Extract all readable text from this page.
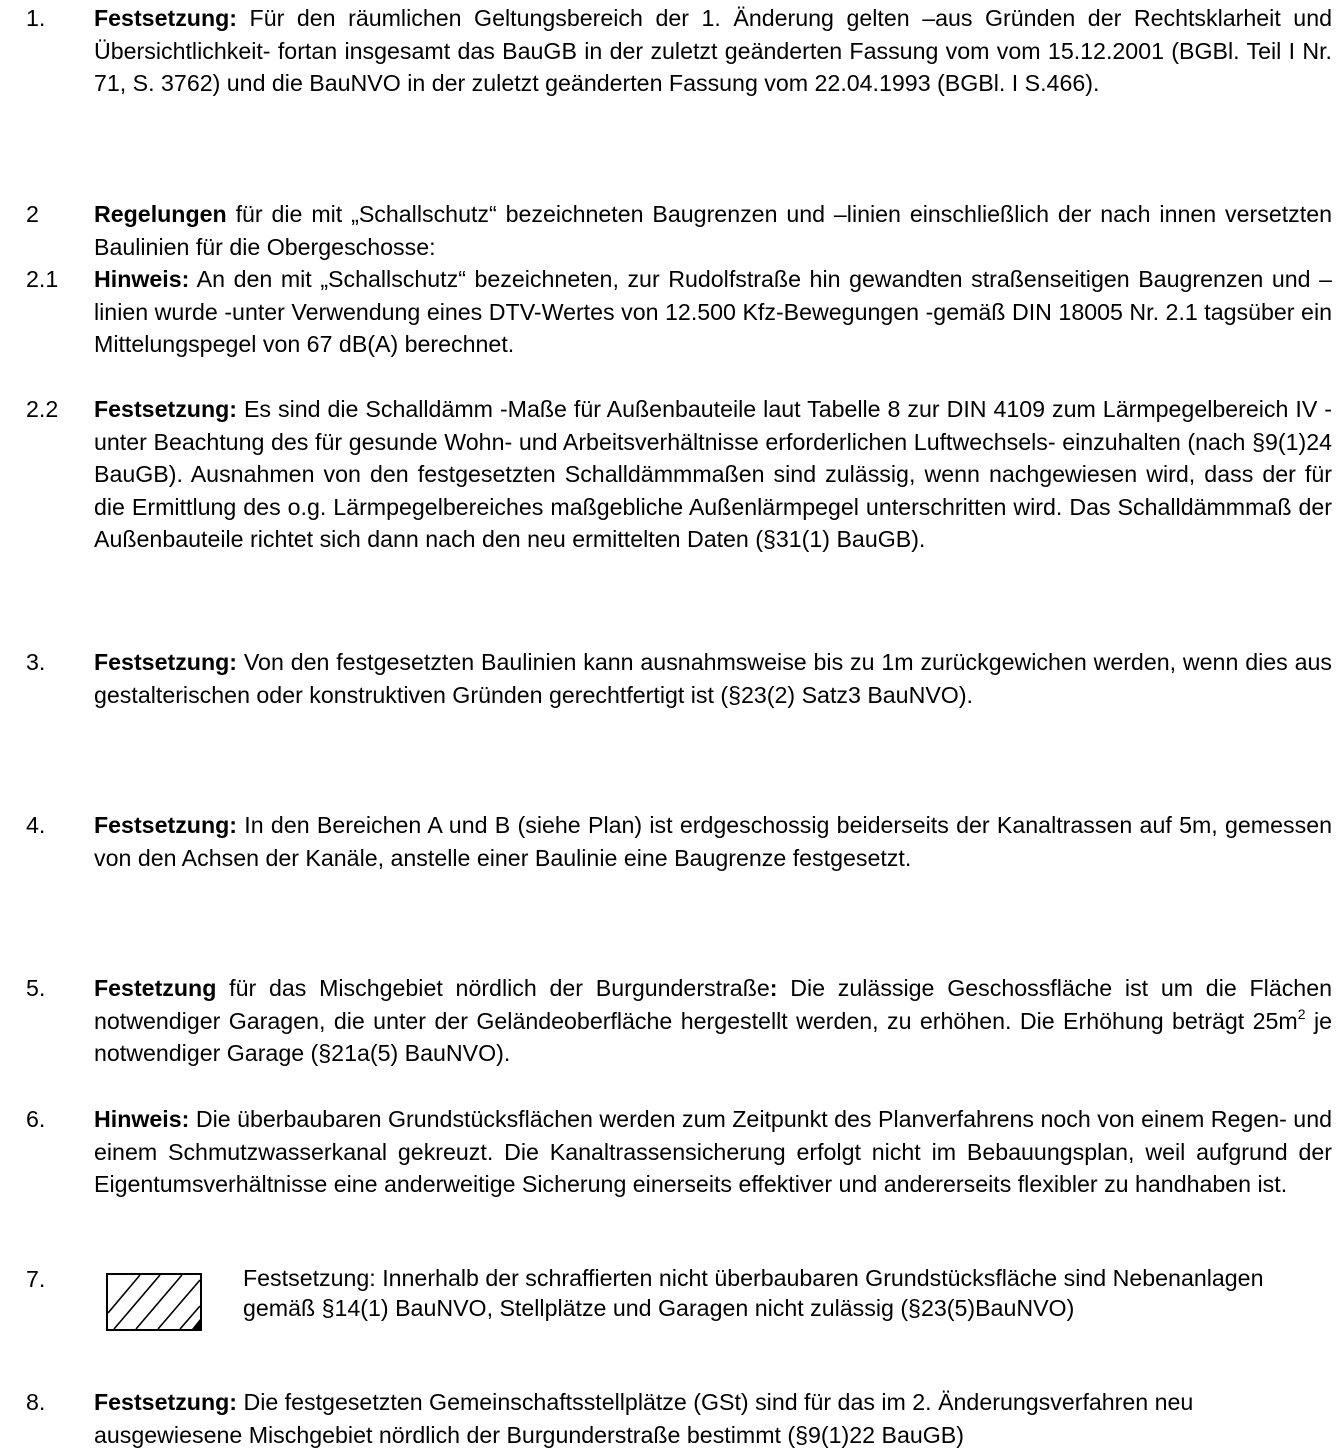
1.	Festsetzung: Für den räumlichen Geltungsbereich der 1. Änderung gelten –aus Gründen der Rechtsklarheit und Übersichtlichkeit- fortan insgesamt das BauGB in der zuletzt geänderten Fassung vom vom 15.12.2001 (BGBl. Teil I Nr. 71, S. 3762) und die BauNVO in der zuletzt geänderten Fassung vom 22.04.1993 (BGBl. I S.466).
2	Regelungen für die mit „Schallschutz“ bezeichneten Baugrenzen und –linien einschließlich der nach innen versetzten Baulinien für die Obergeschosse:
2.1	Hinweis: An den mit „Schallschutz“ bezeichneten, zur Rudolfstraße hin gewandten straßenseitigen Baugrenzen und –linien wurde -unter Verwendung eines DTV-Wertes von 12.500 Kfz-Bewegungen -gemäß DIN 18005 Nr. 2.1 tagsüber ein Mittelungspegel von 67 dB(A) berechnet.
2.2	Festsetzung: Es sind die Schalldämm -Maße für Außenbauteile laut Tabelle 8 zur DIN 4109 zum Lärmpegelbereich IV - unter Beachtung des für gesunde Wohn- und Arbeitsverhältnisse erforderlichen Luftwechsels- einzuhalten (nach §9(1)24 BauGB). Ausnahmen von den festgesetzten Schalldämmmaßen sind zulässig, wenn nachgewiesen wird, dass der für die Ermittlung des o.g. Lärmpegelbereiches maßgebliche Außenlärmpegel unterschritten wird. Das Schalldämmmaß der Außenbauteile richtet sich dann nach den neu ermittelten Daten (§31(1) BauGB).
3.	Festsetzung: Von den festgesetzten Baulinien kann ausnahmsweise bis zu 1m zurückgewichen werden, wenn dies aus gestalterischen oder konstruktiven Gründen gerechtfertigt ist (§23(2) Satz3 BauNVO).
4.	Festsetzung: In den Bereichen A und B (siehe Plan) ist erdgeschossig beiderseits der Kanaltrassen auf 5m, gemessen von den Achsen der Kanäle, anstelle einer Baulinie eine Baugrenze festgesetzt.
5.	Festetzung für das Mischgebiet nördlich der Burgunderstraße: Die zulässige Geschossfläche ist um die Flächen notwendiger Garagen, die unter der Geländeoberfläche hergestellt werden, zu erhöhen. Die Erhöhung beträgt $25m^2$ je notwendiger Garage (§21a(5) BauNVO).
6.	Hinweis: Die überbaubaren Grundstücksflächen werden zum Zeitpunkt des Planverfahrens noch von einem Regen- und einem Schmutzwasserkanal gekreuzt. Die Kanaltrassensicherung erfolgt nicht im Bebauungsplan, weil aufgrund der Eigentumsverhältnisse eine anderweitige Sicherung einerseits effektiver und andererseits flexibler zu handhaben ist.
7.	Festsetzung: Innerhalb der schraffierten nicht überbaubaren Grundstücksfläche sind Nebenanlagen gemäß §14(1) BauNVO, Stellplätze und Garagen nicht zulässig (§23(5)BauNVO)
8.	Festsetzung: Die festgesetzten Gemeinschaftsstellplätze (GSt) sind für das im 2. Änderungsverfahren neu ausgewiesene Mischgebiet nördlich der Burgunderstraße bestimmt (§9(1)22 BauGB)
